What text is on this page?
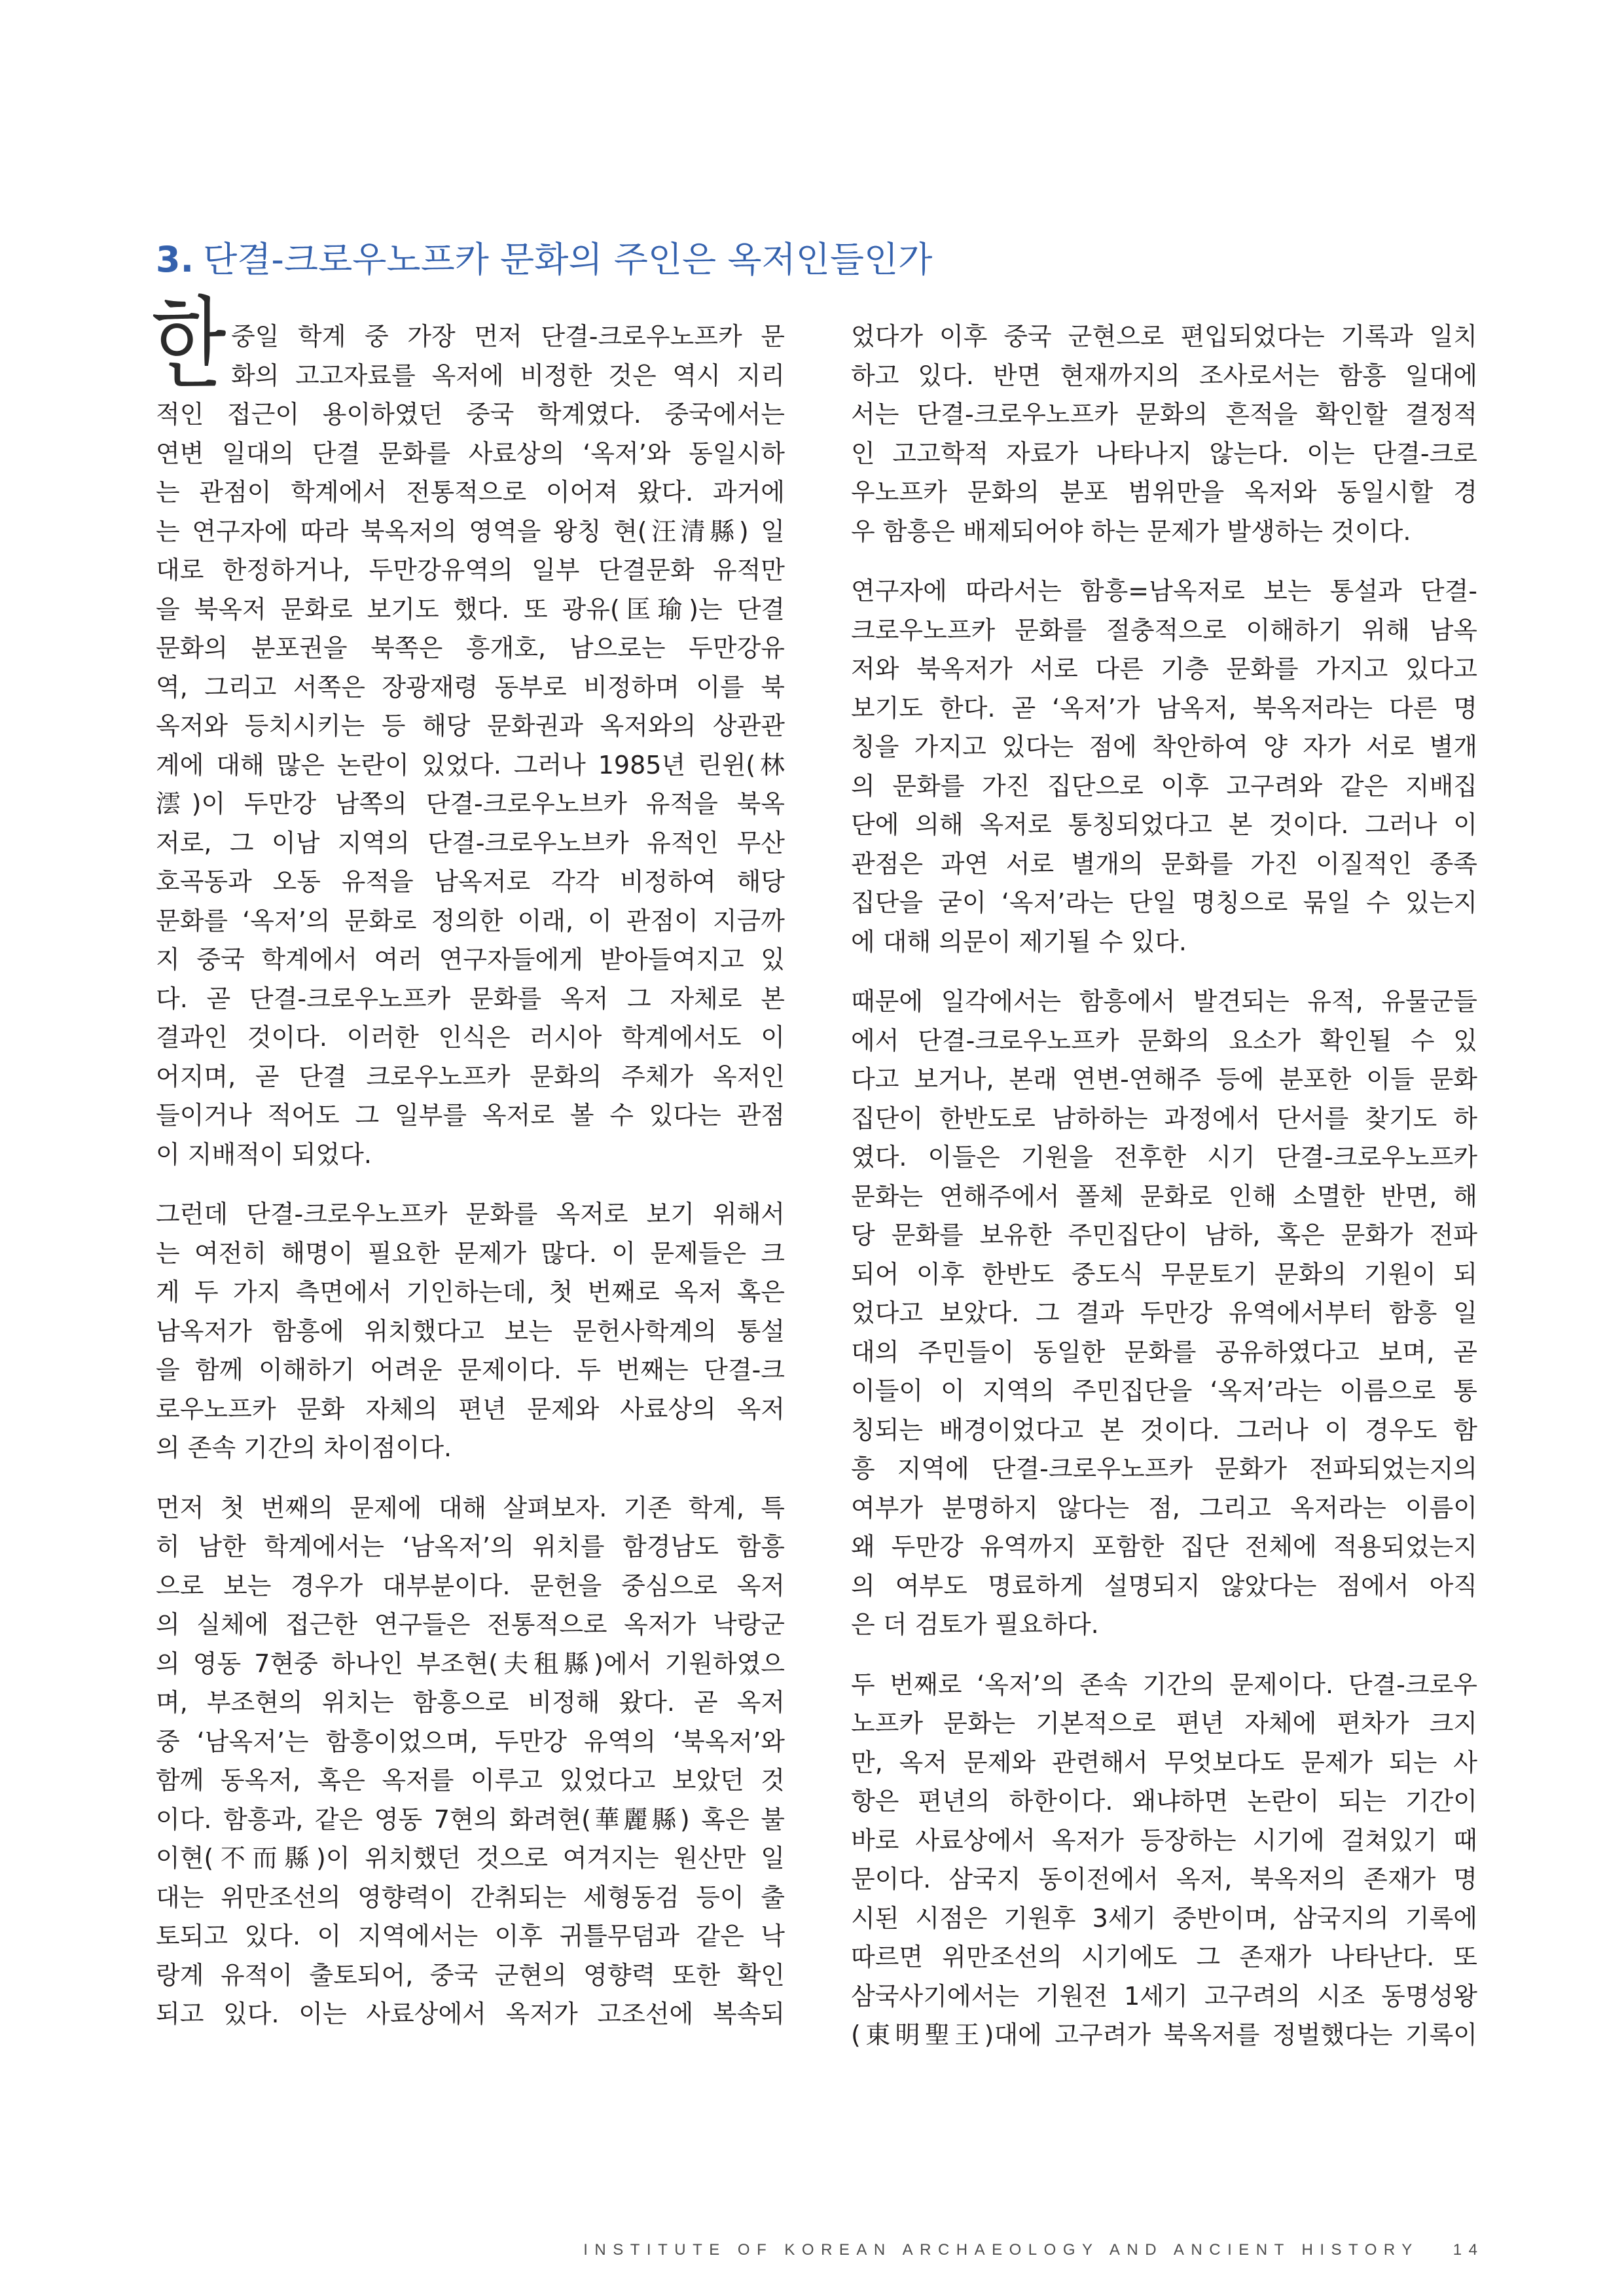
3. 단결-크로우노프카 문화의 주인은 옥저인들인가
한 중일 학계 중 가장 먼저 단결-크로우노프카 문
화의 고고자료를 옥저에 비정한 것은 역시 지리
적인 접근이 용이하였던 중국 학계였다. 중국에서는
연변 일대의 단결 문화를 사료상의 ‘옥저’와 동일시하
는 관점이 학계에서 전통적으로 이어져 왔다. 과거에
는 연구자에 따라 북옥저의 영역을 왕칭 현(汪清縣) 일
대로 한정하거나, 두만강유역의 일부 단결문화 유적만
을 북옥저 문화로 보기도 했다. 또 광유(匡瑜)는 단결
문화의 분포권을 북쪽은 흥개호, 남으로는 두만강유
역, 그리고 서쪽은 장광재령 동부로 비정하며 이를 북
옥저와 등치시키는 등 해당 문화권과 옥저와의 상관관
계에 대해 많은 논란이 있었다. 그러나 1985년 린윈(林
澐)이 두만강 남쪽의 단결-크로우노브카 유적을 북옥
저로, 그 이남 지역의 단결-크로우노브카 유적인 무산
호곡동과 오동 유적을 남옥저로 각각 비정하여 해당
문화를 ‘옥저’의 문화로 정의한 이래, 이 관점이 지금까
지 중국 학계에서 여러 연구자들에게 받아들여지고 있
다. 곧 단결-크로우노프카 문화를 옥저 그 자체로 본
결과인 것이다. 이러한 인식은 러시아 학계에서도 이
어지며, 곧 단결 크로우노프카 문화의 주체가 옥저인
들이거나 적어도 그 일부를 옥저로 볼 수 있다는 관점
이 지배적이 되었다.
그런데 단결-크로우노프카 문화를 옥저로 보기 위해서
는 여전히 해명이 필요한 문제가 많다. 이 문제들은 크
게 두 가지 측면에서 기인하는데, 첫 번째로 옥저 혹은
남옥저가 함흥에 위치했다고 보는 문헌사학계의 통설
을 함께 이해하기 어려운 문제이다. 두 번째는 단결-크
로우노프카 문화 자체의 편년 문제와 사료상의 옥저
의 존속 기간의 차이점이다.
먼저 첫 번째의 문제에 대해 살펴보자. 기존 학계, 특
히 남한 학계에서는 ‘남옥저’의 위치를 함경남도 함흥
으로 보는 경우가 대부분이다. 문헌을 중심으로 옥저
의 실체에 접근한 연구들은 전통적으로 옥저가 낙랑군
의 영동 7현중 하나인 부조현(夫租縣)에서 기원하였으
며, 부조현의 위치는 함흥으로 비정해 왔다. 곧 옥저
중 ‘남옥저’는 함흥이었으며, 두만강 유역의 ‘북옥저’와
함께 동옥저, 혹은 옥저를 이루고 있었다고 보았던 것
이다. 함흥과, 같은 영동 7현의 화려현(華麗縣) 혹은 불
이현(不而縣)이 위치했던 것으로 여겨지는 원산만 일
대는 위만조선의 영향력이 간취되는 세형동검 등이 출
토되고 있다. 이 지역에서는 이후 귀틀무덤과 같은 낙
랑계 유적이 출토되어, 중국 군현의 영향력 또한 확인
되고 있다. 이는 사료상에서 옥저가 고조선에 복속되
었다가 이후 중국 군현으로 편입되었다는 기록과 일치
하고 있다. 반면 현재까지의 조사로서는 함흥 일대에
서는 단결-크로우노프카 문화의 흔적을 확인할 결정적
인 고고학적 자료가 나타나지 않는다. 이는 단결-크로
우노프카 문화의 분포 범위만을 옥저와 동일시할 경
우 함흥은 배제되어야 하는 문제가 발생하는 것이다.
연구자에 따라서는 함흥=남옥저로 보는 통설과 단결-
크로우노프카 문화를 절충적으로 이해하기 위해 남옥
저와 북옥저가 서로 다른 기층 문화를 가지고 있다고
보기도 한다. 곧 ‘옥저’가 남옥저, 북옥저라는 다른 명
칭을 가지고 있다는 점에 착안하여 양 자가 서로 별개
의 문화를 가진 집단으로 이후 고구려와 같은 지배집
단에 의해 옥저로 통칭되었다고 본 것이다. 그러나 이
관점은 과연 서로 별개의 문화를 가진 이질적인 종족
집단을 굳이 ‘옥저’라는 단일 명칭으로 묶일 수 있는지
에 대해 의문이 제기될 수 있다.
때문에 일각에서는 함흥에서 발견되는 유적, 유물군들
에서 단결-크로우노프카 문화의 요소가 확인될 수 있
다고 보거나, 본래 연변-연해주 등에 분포한 이들 문화
집단이 한반도로 남하하는 과정에서 단서를 찾기도 하
였다. 이들은 기원을 전후한 시기 단결-크로우노프카
문화는 연해주에서 폴체 문화로 인해 소멸한 반면, 해
당 문화를 보유한 주민집단이 남하, 혹은 문화가 전파
되어 이후 한반도 중도식 무문토기 문화의 기원이 되
었다고 보았다. 그 결과 두만강 유역에서부터 함흥 일
대의 주민들이 동일한 문화를 공유하였다고 보며, 곧
이들이 이 지역의 주민집단을 ‘옥저’라는 이름으로 통
칭되는 배경이었다고 본 것이다. 그러나 이 경우도 함
흥 지역에 단결-크로우노프카 문화가 전파되었는지의
여부가 분명하지 않다는 점, 그리고 옥저라는 이름이
왜 두만강 유역까지 포함한 집단 전체에 적용되었는지
의 여부도 명료하게 설명되지 않았다는 점에서 아직
은 더 검토가 필요하다.
두 번째로 ‘옥저’의 존속 기간의 문제이다. 단결-크로우
노프카 문화는 기본적으로 편년 자체에 편차가 크지
만, 옥저 문제와 관련해서 무엇보다도 문제가 되는 사
항은 편년의 하한이다. 왜냐하면 논란이 되는 기간이
바로 사료상에서 옥저가 등장하는 시기에 걸쳐있기 때
문이다. 삼국지 동이전에서 옥저, 북옥저의 존재가 명
시된 시점은 기원후 3세기 중반이며, 삼국지의 기록에
따르면 위만조선의 시기에도 그 존재가 나타난다. 또
삼국사기에서는 기원전 1세기 고구려의 시조 동명성왕
(東明聖王)대에 고구려가 북옥저를 정벌했다는 기록이
INSTITUTE OF KOREAN ARCHAEOLOGY AND ANCIENT HISTORY 14
